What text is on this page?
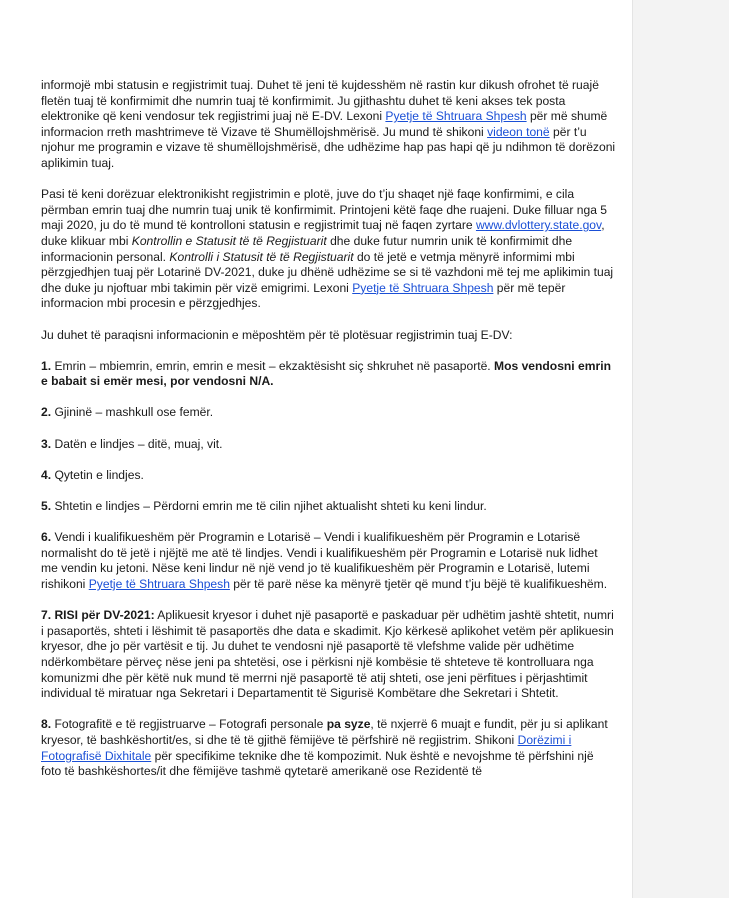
informojë mbi statusin e regjistrimit tuaj. Duhet të jeni të kujdesshëm në rastin kur dikush ofrohet të ruajë fletën tuaj të konfirmimit dhe numrin tuaj të konfirmimit. Ju gjithashtu duhet të keni akses tek posta elektronike që keni vendosur tek regjistrimi juaj në E-DV. Lexoni Pyetje të Shtruara Shpesh për më shumë informacion rreth mashtrimeve të Vizave të Shumëllojshmërisë. Ju mund të shikoni videon tonë për t’u njohur me programin e vizave të shumëllojshmërisë, dhe udhëzime hap pas hapi që ju ndihmon të dorëzoni aplikimin tuaj.

Pasi të keni dorëzuar elektronikisht regjistrimin e plotë, juve do t’ju shaqet një faqe konfirmimi, e cila përmban emrin tuaj dhe numrin tuaj unik të konfirmimit. Printojeni këtë faqe dhe ruajeni. Duke filluar nga 5 maji 2020, ju do të mund të kontrolloni statusin e regjistrimit tuaj në faqen zyrtare www.dvlottery.state.gov, duke klikuar mbi Kontrollin e Statusit të të Regjistuarit dhe duke futur numrin unik të konfirmimit dhe informacionin personal. Kontrolli i Statusit të të Regjistuarit do të jetë e vetmja mënyrë informimi mbi përzgjedhjen tuaj për Lotarinë DV-2021, duke ju dhënë udhëzime se si të vazhdoni më tej me aplikimin tuaj dhe duke ju njoftuar mbi takimin për vizë emigrimi. Lexoni Pyetje të Shtruara Shpesh për më tepër informacion mbi procesin e përzgjedhjes.

Ju duhet të paraqisni informacionin e mëposhtëm për të plotësuar regjistrimin tuaj E-DV:

1. Emrin – mbiemrin, emrin, emrin e mesit – ekzaktësisht siç shkruhet në pasaportë. Mos vendosni emrin e babait si emër mesi, por vendosni N/A.

2. Gjininë – mashkull ose femër.

3. Datën e lindjes – ditë, muaj, vit.

4. Qytetin e lindjes.

5. Shtetin e lindjes – Përdorni emrin me të cilin njihet aktualisht shteti ku keni lindur.

6. Vendi i kualifikueshëm për Programin e Lotarisë – Vendi i kualifikueshëm për Programin e Lotarisë normalisht do të jetë i njëjtë me atë të lindjes. Vendi i kualifikueshëm për Programin e Lotarisë nuk lidhet me vendin ku jetoni. Nëse keni lindur në një vend jo të kualifikueshëm për Programin e Lotarisë, lutemi rishikoni Pyetje të Shtruara Shpesh për të parë nëse ka mënyrë tjetër që mund t’ju bëjë të kualifikueshëm.

7. RISI për DV-2021: Aplikuesit kryesor i duhet një pasaportë e paskaduar për udhëtim jashtë shtetit, numri i pasaportës, shteti i lëshimit të pasaportës dhe data e skadimit. Kjo kërkesë aplikohet vetëm për aplikuesin kryesor, dhe jo për vartësit e tij. Ju duhet te vendosni një pasaportë të vlefshme valide për udhëtime ndërkombëtare përveç nëse jeni pa shtetësi, ose i përkisni një kombësie të shteteve të kontrolluara nga komunizmi dhe për këtë nuk mund të merrni një pasaportë të atij shteti, ose jeni përfitues i përjashtimit individual të miratuar nga Sekretari i Departamentit të Sigurisë Kombëtare dhe Sekretari i Shtetit.

8. Fotografitë e të regjistruarve – Fotografi personale pa syze, të nxjerrë 6 muajt e fundit, për ju si aplikant kryesor, të bashkëshortit/es, si dhe të të gjithë fëmijëve të përfshirë në regjistrim. Shikoni Dorëzimi i Fotografisë Dixhitale për specifikime teknike dhe të kompozimit. Nuk është e nevojshme të përfshini një foto të bashkëshortes/it dhe fëmijëve tashmë qytetarë amerikanë ose Rezidentë të
